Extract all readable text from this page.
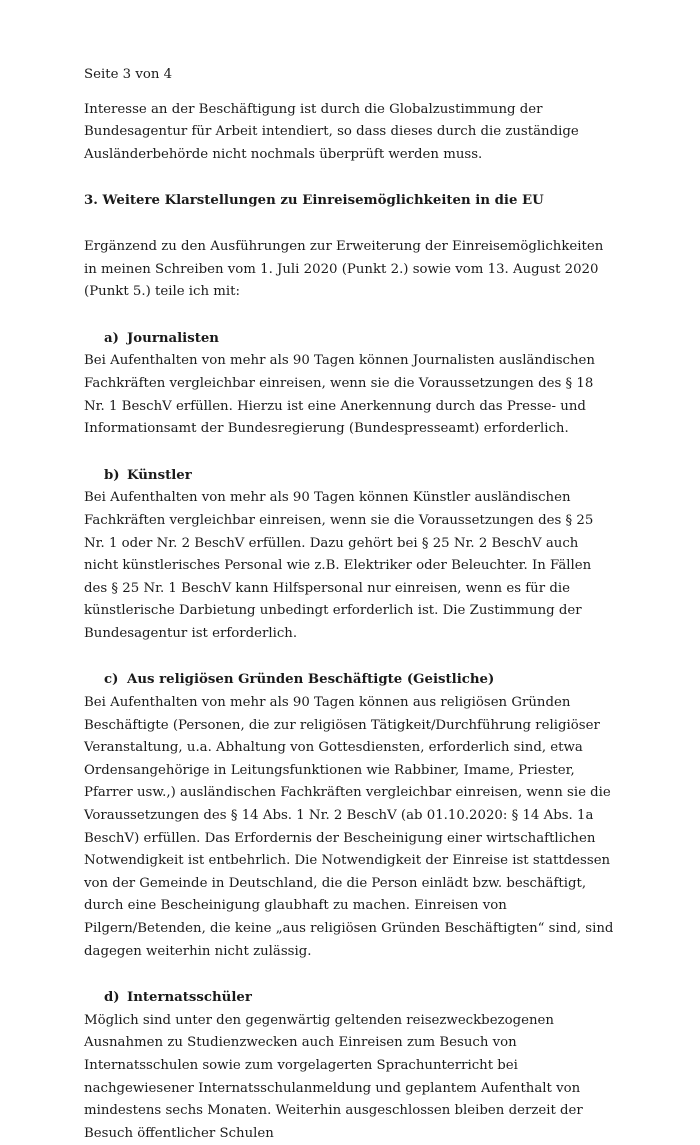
Seite 3 von 4

Interesse an der Beschäftigung ist durch die Globalzustimmung der Bundesagentur für Arbeit intendiert, so dass dieses durch die zuständige Ausländerbehörde nicht nochmals überprüft werden muss.

3. Weitere Klarstellungen zu Einreisemöglichkeiten in die EU

Ergänzend zu den Ausführungen zur Erweiterung der Einreisemöglichkeiten in meinen Schreiben vom 1. Juli 2020 (Punkt 2.) sowie vom 13. August 2020 (Punkt 5.) teile ich mit:

a) Journalisten

Bei Aufenthalten von mehr als 90 Tagen können Journalisten ausländischen Fachkräften vergleichbar einreisen, wenn sie die Voraussetzungen des § 18 Nr. 1 BeschV erfüllen. Hierzu ist eine Anerkennung durch das Presse- und Informationsamt der Bundesregierung (Bundespresseamt) erforderlich.

b) Künstler

Bei Aufenthalten von mehr als 90 Tagen können Künstler ausländischen Fachkräften vergleichbar einreisen, wenn sie die Voraussetzungen des § 25 Nr. 1 oder Nr. 2 BeschV erfüllen. Dazu gehört bei § 25 Nr. 2 BeschV auch nicht künstlerisches Personal wie z.B. Elektriker oder Beleuchter. In Fällen des § 25 Nr. 1 BeschV kann Hilfspersonal nur einreisen, wenn es für die künstlerische Darbietung unbedingt erforderlich ist. Die Zustimmung der Bundesagentur ist erforderlich.

c) Aus religiösen Gründen Beschäftigte (Geistliche)

Bei Aufenthalten von mehr als 90 Tagen können aus religiösen Gründen Beschäftigte (Personen, die zur religiösen Tätigkeit/Durchführung religiöser Veranstaltung, u.a. Abhaltung von Gottesdiensten, erforderlich sind, etwa Ordensangehörige in Leitungsfunktionen wie Rabbiner, Imame, Priester, Pfarrer usw.,) ausländischen Fachkräften vergleichbar einreisen, wenn sie die Voraussetzungen des § 14 Abs. 1 Nr. 2 BeschV (ab 01.10.2020: § 14 Abs. 1a BeschV) erfüllen. Das Erfordernis der Bescheinigung einer wirtschaftlichen Notwendigkeit ist entbehrlich. Die Notwendigkeit der Einreise ist stattdessen von der Gemeinde in Deutschland, die die Person einlädt bzw. beschäftigt, durch eine Bescheinigung glaubhaft zu machen. Einreisen von Pilgern/Betenden, die keine „aus religiösen Gründen Beschäftigten“ sind, sind dagegen weiterhin nicht zulässig.

d) Internatsschüler

Möglich sind unter den gegenwärtig geltenden reisezweckbezogenen Ausnahmen zu Studienzwecken auch Einreisen zum Besuch von Internatsschulen sowie zum vorgelagerten Sprachunterricht bei nachgewiesener Internatsschulanmeldung und geplantem Aufenthalt von mindestens sechs Monaten. Weiterhin ausgeschlossen bleiben derzeit der Besuch öffentlicher Schulen
